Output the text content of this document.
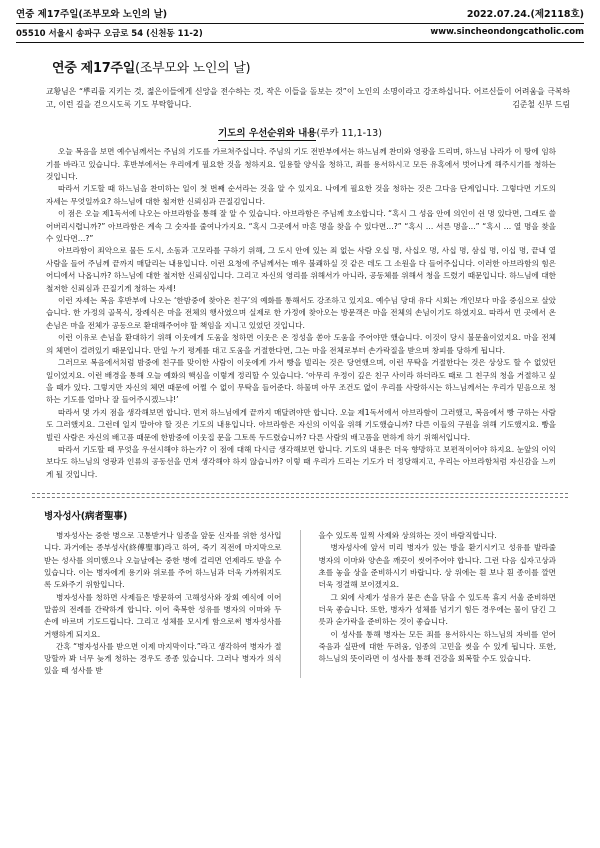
연중 제17주일(조부모와 노인의 날)	2022.07.24.(제2118호)
05510 서울시 송파구 오금로 54 (신천동 11-2)	www.sincheondongcatholic.com
연중 제17주일(조부모와 노인의 날)
교황님은 “뿌리를 지키는 것, 젊은이들에게 신앙을 전수하는 것, 작은 이들을 돌보는 것”이 노인의 소명이라고 강조하십니다. 어르신들이 어려움을 극복하고, 이런 길을 걷으시도록 기도 부탁합니다.	김준철 신부 드림
기도의 우선순위와 내용(루카 11,1-13)

오늘 복음을 보면 예수님께서는 주님의 기도를 가르쳐주십니다. 주님의 기도 전반부에서는 하느님께 찬미와 영광을 드리며, 하느님 나라가 이 땅에 임하기를 바라고 있습니다. 후반부에서는 우리에게 필요한 것을 청하지요. 일용할 양식을 청하고, 죄를 용서하시고 모든 유혹에서 벗어나게 해주시기를 청하는 것입니다.

따라서 기도할 때 하느님을 찬미하는 일이 첫 번째 순서라는 것을 알 수 있지요. 나에게 필요한 것을 청하는 것은 그다음 단계입니다. 그렇다면 기도의 자세는 무엇일까요? 하느님에 대한 철저한 신뢰심과 끈질김입니다.

이 점은 오늘 제1독서에 나오는 아브라함을 통해 잘 알 수 있습니다. 아브라함은 주님께 호소합니다. “혹시 그 성읍 안에 의인이 쉰 명 있다면, 그래도 쓸어버리시렵니까?” 아브라함은 계속 그 숫자를 줄여나가지요. “혹시 그곳에서 마흔 명을 찾을 수 있다면…?” “혹시 … 서른 명을…” “혹시 … 열 명을 찾을 수 있다면…?”

아브라함이 죄악으로 물든 도시, 소돔과 고모라를 구하기 위해, 그 도시 안에 있는 죄 없는 사람 오십 명, 사십오 명, 사십 명, 삼십 명, 이십 명, 끝내 열 사람을 들어 주님께 끝까지 매달리는 내용입니다. 이런 요청에 주님께서는 매우 불쾌하실 것 같은 데도 그 소원을 다 들어주십니다. 이러한 아브라함의 힘은 어디에서 나옵니까? 하느님에 대한 철저한 신뢰심입니다. 그리고 자신의 영리를 위해서가 아니라, 공동체를 위해서 청을 드렸기 때문입니다. 하느님에 대한 철저한 신뢰심과 끈질기게 청하는 자세!

이런 자세는 복음 후반부에 나오는 ‘한밤중에 찾아온 친구’의 예화를 통해서도 강조하고 있지요. 예수님 당대 유다 시회는 개인보다 마을 중심으로 살았습니다. 한 가정의 골목식, 장례식은 마을 전체의 행사였으며 실제로 한 가정에 찾아오는 방문객은 마을 전체의 손님이기도 하였지요. 따라서 먼 곳에서 온 손님은 마을 전체가 공동으로 환대해주어야 할 책임을 지니고 있었던 것입니다.

이런 이유로 손님을 환대하기 위해 이웃에게 도움을 청하면 이웃은 온 정성을 쏟아 도움을 주어야만 했습니다. 이것이 당시 불문율이었지요. 마을 전체의 체면이 걸려있기 때문입니다. 만일 누기 평계를 대고 도움을 거절한다면, 그는 마을 전체로부터 손가락질을 받으며 창피를 당하게 됩니다.

그러므로 복음에서처럼 밤중에 친구를 맞이한 사람이 이웃에게 가서 빵을 빌리는 것은 당연했으며, 이런 무탁을 거절한다는 것은 상상도 할 수 없었던 일이었지요. 이런 배경을 통해 오늘 예화의 핵심을 이렇게 정리할 수 있습니다. ‘아무리 우정이 깊은 친구 사이라 하더라도 때로 그 친구의 청을 거절하고 싶을 때가 있다. 그렇지만 자신의 체면 때문에 어쩔 수 없이 무탁을 들어준다. 하물며 아무 조건도 없이 우리를 사랑하시는 하느님께서는 우리가 믿음으로 청하는 기도를 얼마나 잘 들어주시겠느냐!’

따라서 몇 가지 점을 생각해보면 합니다. 먼저 하느님에게 끝까지 매달려야만 합니다. 오늘 제1독서에서 아브라함이 그러했고, 복음에서 빵 구하는 사람도 그러했지요. 그런데 일지 말아야 할 것은 기도의 내용입니다. 아브라함은 자신의 이익을 위해 기도했습니까? 다른 이들의 구원을 위해 기도했지요. 빵을 빌린 사람은 자신의 배고픔 때문에 한밤중에 이웃집 문을 그토록 두드렸습니까? 다른 사람의 배고픔을 면하게 하기 위해서입니다.

따라서 기도할 때 무엇을 우선시해야 하는가? 이 점에 대해 다시금 생각해보면 합니다. 기도의 내용은 더욱 향망하고 보편적이어야 하지요. 눈앞의 이익보다도 하느님의 영광과 인류의 공동선을 먼저 생각해야 하지 않습니까? 이렇 때 우리가 드리는 기도가 더 정당해지고, 우리는 아브라함처럼 자신감을 느끼게 될 것입니다.

병자성사(病者聖事)

병자성사는 중한 병으로 고통받거나 임종을 앞둔 신자를 위한 성사입니다. 과거에는 종부성사(終傅聖事)라고 하여, 죽기 직전에 마지막으로 받는 성사를 의미했으나 오늘날에는 중한 병에 걸리면 언제라도 받을 수 있습니다. 이는 병자에게 용기와 위로를 주어 하느님과 더욱 가까워지도록 도와주기 위함입니다.

병자성사를 청하면 사제들은 방문하여 고해성사와 장회 예식에 이어 말씀의 전례를 간략하게 합니다. 이어 축복한 성유를 병자의 이마와 두 손에 바르며 기도드립니다. 그리고 성체를 모시게 함으로써 병자성사를 거행하게 되지요.

간혹 “병자성사를 받으면 이제 마지막이다.”라고 생각하여 병자가 절망할까 봐 너무 늦게 청하는 경우도 종종 있습니다. 그러나 병자가 의식있을 때 성사를 받

을수 있도록 일찍 사제와 상의하는 것이 바람직합니다.

병자성사에 앞서 미리 병자가 있는 방을 환기시키고 성유를 발라줄 병자의 이마와 양손을 깨끗이 씻어주어야 합니다. 그런 다음 십자고상과 초를 놓을 상을 준비하시기 바랍니다. 상 위에는 흰 보나 흰 종이를 깔면 더욱 정결해 보이겠지요.

그 외에 사제가 성유가 묻은 손을 닦을 수 있도록 휴지 서울 준비하면 더욱 좋습니다. 또한, 병자가 성체를 넘기기 힘든 경우에는 물이 담긴 그릇과 숟가락을 준비하는 것이 좋습니다.

이 성사를 통해 병자는 모든 죄를 용서하시는 하느님의 자비를 얻어 죽음과 실판에 대한 두려움, 임종의 고민을 씻을 수 있게 됩니다. 또한, 하느님의 뜻이라면 이 성사를 통해 건강을 회복할 수도 있습니다.
